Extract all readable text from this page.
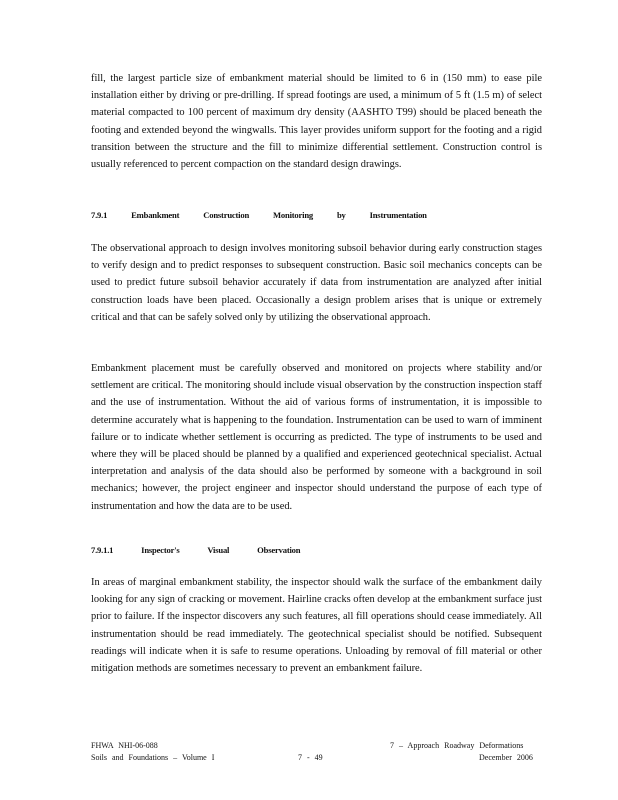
fill, the largest particle size of embankment material should be limited to 6 in (150 mm) to ease pile installation either by driving or pre-drilling. If spread footings are used, a minimum of 5 ft (1.5 m) of select material compacted to 100 percent of maximum dry density (AASHTO T99) should be placed beneath the footing and extended beyond the wingwalls. This layer provides uniform support for the footing and a rigid transition between the structure and the fill to minimize differential settlement. Construction control is usually referenced to percent compaction on the standard design drawings.

7.9.1 Embankment Construction Monitoring by Instrumentation

The observational approach to design involves monitoring subsoil behavior during early construction stages to verify design and to predict responses to subsequent construction. Basic soil mechanics concepts can be used to predict future subsoil behavior accurately if data from instrumentation are analyzed after initial construction loads have been placed. Occasionally a design problem arises that is unique or extremely critical and that can be safely solved only by utilizing the observational approach.

Embankment placement must be carefully observed and monitored on projects where stability and/or settlement are critical. The monitoring should include visual observation by the construction inspection staff and the use of instrumentation. Without the aid of various forms of instrumentation, it is impossible to determine accurately what is happening to the foundation. Instrumentation can be used to warn of imminent failure or to indicate whether settlement is occurring as predicted. The type of instruments to be used and where they will be placed should be planned by a qualified and experienced geotechnical specialist. Actual interpretation and analysis of the data should also be performed by someone with a background in soil mechanics; however, the project engineer and inspector should understand the purpose of each type of instrumentation and how the data are to be used.

7.9.1.1 Inspector's Visual Observation

In areas of marginal embankment stability, the inspector should walk the surface of the embankment daily looking for any sign of cracking or movement. Hairline cracks often develop at the embankment surface just prior to failure. If the inspector discovers any such features, all fill operations should cease immediately. All instrumentation should be read immediately. The geotechnical specialist should be notified. Subsequent readings will indicate when it is safe to resume operations. Unloading by removal of fill material or other mitigation methods are sometimes necessary to prevent an embankment failure.

FHWA NHI-06-088
Soils and Foundations – Volume I	7 - 49
7 – Approach Roadway Deformations
December 2006
